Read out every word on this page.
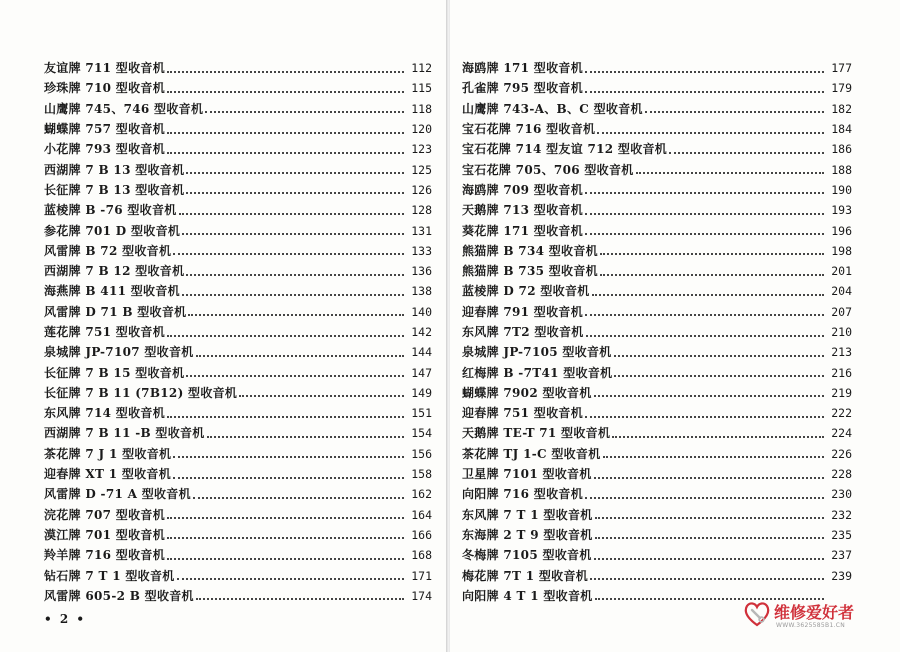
友谊牌 711 型收音机	112
珍珠牌 710 型收音机	115
山鹰牌 745、746 型收音机	118
蝴蝶牌 757 型收音机	120
小花牌 793 型收音机	123
西湖牌 7 B 13 型收音机	125
长征牌 7 B 13 型收音机	126
蓝棱牌 B -76 型收音机	128
参花牌 701 D 型收音机	131
风雷牌 B 72 型收音机	133
西湖牌 7 B 12 型收音机	136
海燕牌 B 411 型收音机	138
风雷牌 D 71 B 型收音机	140
莲花牌 751 型收音机	142
泉城牌 JP-7107 型收音机	144
长征牌 7 B 15 型收音机	147
长征牌 7 B 11 (7B12) 型收音机	149
东风牌 714 型收音机	151
西湖牌 7 B 11 -B 型收音机	154
茶花牌 7 J 1 型收音机	156
迎春牌 XT 1 型收音机	158
风雷牌 D -71 A 型收音机	162
浣花牌 707 型收音机	164
漠江牌 701 型收音机	166
羚羊牌 716 型收音机	168
钻石牌 7 T 1 型收音机	171
风雷牌 605-2 B 型收音机	174
海鸥牌 171 型收音机	177
孔雀牌 795 型收音机	179
山鹰牌 743-A、B、C 型收音机	182
宝石花牌 716 型收音机	184
宝石花牌 714 型友谊 712 型收音机	186
宝石花牌 705、706 型收音机	188
海鸥牌 709 型收音机	190
天鹅牌 713 型收音机	193
葵花牌 171 型收音机	196
熊猫牌 B 734 型收音机	198
熊猫牌 B 735 型收音机	201
蓝棱牌 D 72 型收音机	204
迎春牌 791 型收音机	207
东风牌 7T2 型收音机	210
泉城牌 JP-7105 型收音机	213
红梅牌 B -7T41 型收音机	216
蝴蝶牌 7902 型收音机	219
迎春牌 751 型收音机	222
天鹅牌 TE-T 71 型收音机	224
茶花牌 TJ 1-C 型收音机	226
卫星牌 7101 型收音机	228
向阳牌 716 型收音机	230
东风牌 7 T 1 型收音机	232
东海牌 2 T 9 型收音机	235
冬梅牌 7105 型收音机	237
梅花牌 7T 1 型收音机	239
向阳牌 4 T 1 型收音机
• 2 •	维修爱好者
WWW.3625585B1.CN
